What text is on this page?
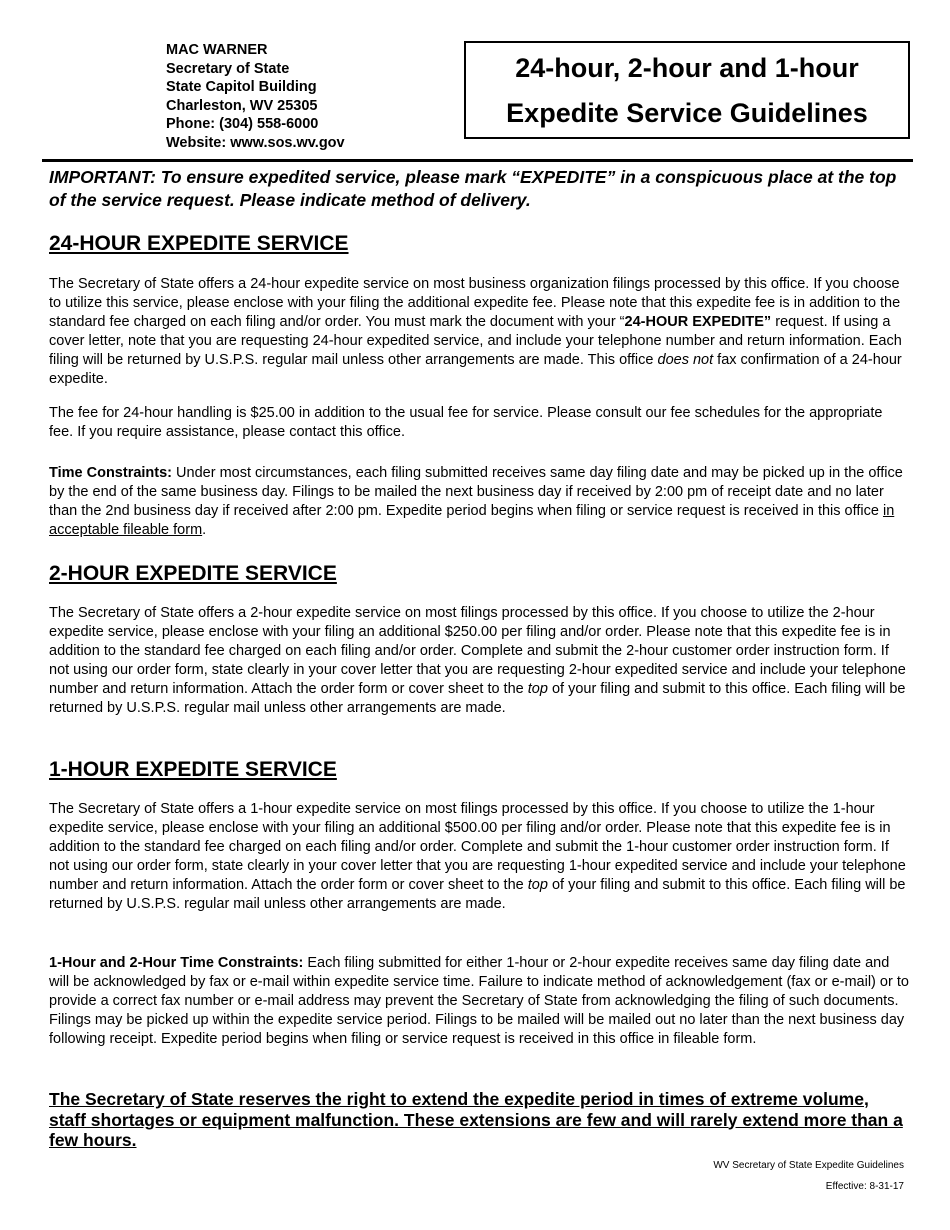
MAC WARNER
Secretary of State
State Capitol Building
Charleston, WV 25305
Phone: (304) 558-6000
Website: www.sos.wv.gov
24-hour, 2-hour and 1-hour
Expedite Service Guidelines
IMPORTANT: To ensure expedited service, please mark “EXPEDITE” in a conspicuous place at the top of the service request. Please indicate method of delivery.
24-HOUR EXPEDITE SERVICE

The Secretary of State offers a 24-hour expedite service on most business organization filings processed by this office. If you choose to utilize this service, please enclose with your filing the additional expedite fee. Please note that this expedite fee is in addition to the standard fee charged on each filing and/or order. You must mark the document with your “24-HOUR EXPEDITE” request. If using a cover letter, note that you are requesting 24-hour expedited service, and include your telephone number and return information. Each filing will be returned by U.S.P.S. regular mail unless other arrangements are made. This office does not fax confirmation of a 24-hour expedite.

The fee for 24-hour handling is $25.00 in addition to the usual fee for service. Please consult our fee schedules for the appropriate fee. If you require assistance, please contact this office.

Time Constraints: Under most circumstances, each filing submitted receives same day filing date and may be picked up in the office by the end of the same business day. Filings to be mailed the next business day if received by 2:00 pm of receipt date and no later than the 2nd business day if received after 2:00 pm. Expedite period begins when filing or service request is received in this office in acceptable fileable form.

2-HOUR EXPEDITE SERVICE

The Secretary of State offers a 2-hour expedite service on most filings processed by this office. If you choose to utilize the 2-hour expedite service, please enclose with your filing an additional $250.00 per filing and/or order. Please note that this expedite fee is in addition to the standard fee charged on each filing and/or order. Complete and submit the 2-hour customer order instruction form. If not using our order form, state clearly in your cover letter that you are requesting 2-hour expedited service and include your telephone number and return information. Attach the order form or cover sheet to the top of your filing and submit to this office. Each filing will be returned by U.S.P.S. regular mail unless other arrangements are made.

1-HOUR EXPEDITE SERVICE

The Secretary of State offers a 1-hour expedite service on most filings processed by this office. If you choose to utilize the 1-hour expedite service, please enclose with your filing an additional $500.00 per filing and/or order. Please note that this expedite fee is in addition to the standard fee charged on each filing and/or order. Complete and submit the 1-hour customer order instruction form. If not using our order form, state clearly in your cover letter that you are requesting 1-hour expedited service and include your telephone number and return information. Attach the order form or cover sheet to the top of your filing and submit to this office. Each filing will be returned by U.S.P.S. regular mail unless other arrangements are made.

1-Hour and 2-Hour Time Constraints: Each filing submitted for either 1-hour or 2-hour expedite receives same day filing date and will be acknowledged by fax or e-mail within expedite service time. Failure to indicate method of acknowledgement (fax or e-mail) or to provide a correct fax number or e-mail address may prevent the Secretary of State from acknowledging the filing of such documents. Filings may be picked up within the expedite service period. Filings to be mailed will be mailed out no later than the next business day following receipt. Expedite period begins when filing or service request is received in this office in fileable form.

The Secretary of State reserves the right to extend the expedite period in times of extreme volume, staff shortages or equipment malfunction. These extensions are few and will rarely extend more than a few hours.
WV Secretary of State Expedite Guidelines
Effective: 8-31-17
